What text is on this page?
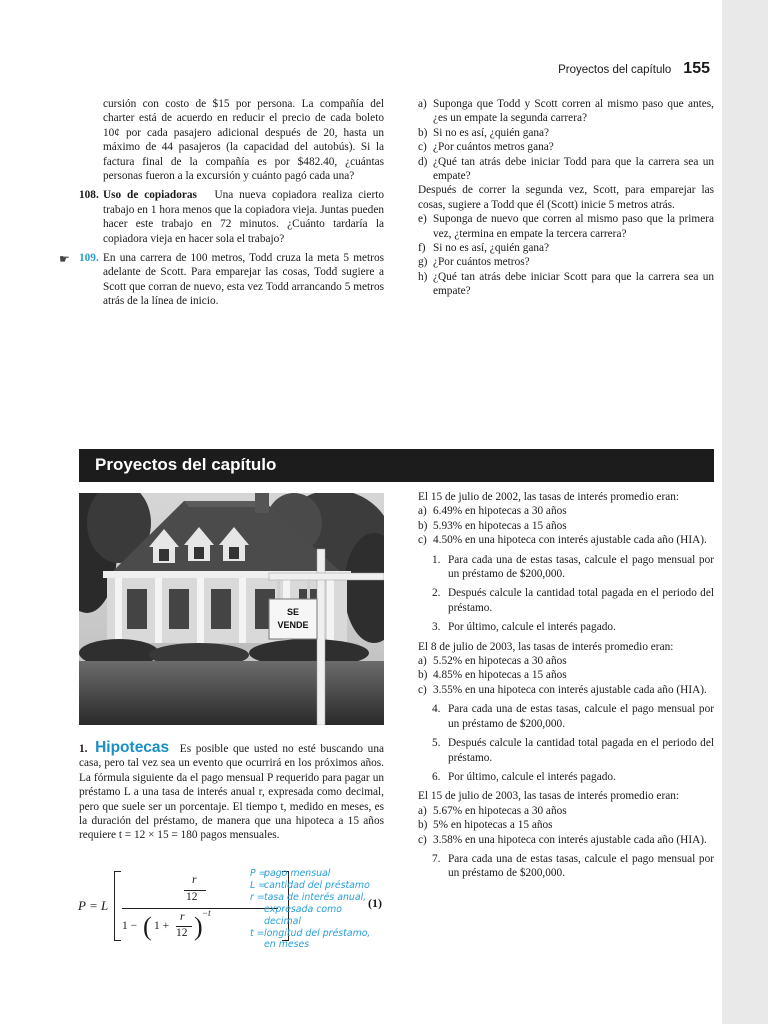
Proyectos del capítulo 155

cursión con costo de $15 por persona. La compañía del charter está de acuerdo en reducir el precio de cada boleto 10¢ por cada pasajero adicional después de 20, hasta un máximo de 44 pasajeros (la capacidad del autobús). Si la factura final de la compañía es por $482.40, ¿cuántas personas fueron a la excursión y cuánto pagó cada una?

108. Uso de copiadoras Una nueva copiadora realiza cierto trabajo en 1 hora menos que la copiadora vieja. Juntas pueden hacer este trabajo en 72 minutos. ¿Cuánto tardaría la copiadora vieja en hacer sola el trabajo?

☛ 109. En una carrera de 100 metros, Todd cruza la meta 5 metros adelante de Scott. Para emparejar las cosas, Todd sugiere a Scott que corran de nuevo, esta vez Todd arrancando 5 metros atrás de la línea de inicio.

a) Suponga que Todd y Scott corren al mismo paso que antes, ¿es un empate la segunda carrera?

b) Si no es así, ¿quién gana?

c) ¿Por cuántos metros gana?

d) ¿Qué tan atrás debe iniciar Todd para que la carrera sea un empate?

Después de correr la segunda vez, Scott, para emparejar las cosas, sugiere a Todd que él (Scott) inicie 5 metros atrás.

e) Suponga de nuevo que corren al mismo paso que la primera vez, ¿termina en empate la tercera carrera?

f) Si no es así, ¿quién gana?

g) ¿Por cuántos metros?

h) ¿Qué tan atrás debe iniciar Scott para que la carrera sea un empate?

Proyectos del capítulo
SE
VENDE

1. Hipotecas Es posible que usted no esté buscando una casa, pero tal vez sea un evento que ocurrirá en los próximos años. La fórmula siguiente da el pago mensual P requerido para pagar un préstamo L a una tasa de interés anual r, expresada como decimal, pero que suele ser un porcentaje. El tiempo t, medido en meses, es la duración del préstamo, de manera que una hipoteca a 15 años requiere t = 12 × 15 = 180 pagos mensuales.

P = L
r
12
1 − ( 1 +
r
12 ) −t
(1)
P =
pago mensual
L =
cantidad del préstamo
r = tasa de interés anual,
expresada como decimal
t = longitud del préstamo,
en meses

El 15 de julio de 2002, las tasas de interés promedio eran:

a) 6.49% en hipotecas a 30 años

b) 5.93% en hipotecas a 15 años

c) 4.50% en una hipoteca con interés ajustable cada año (HIA).

1. Para cada una de estas tasas, calcule el pago mensual por un préstamo de $200,000.

2. Después calcule la cantidad total pagada en el periodo del préstamo.

3. Por último, calcule el interés pagado.

El 8 de julio de 2003, las tasas de interés promedio eran:

a) 5.52% en hipotecas a 30 años

b) 4.85% en hipotecas a 15 años

c) 3.55% en una hipoteca con interés ajustable cada año (HIA).

4. Para cada una de estas tasas, calcule el pago mensual por un préstamo de $200,000.

5. Después calcule la cantidad total pagada en el periodo del préstamo.

6. Por último, calcule el interés pagado.

El 15 de julio de 2003, las tasas de interés promedio eran:

a) 5.67% en hipotecas a 30 años

b) 5% en hipotecas a 15 años

c) 3.58% en una hipoteca con interés ajustable cada año (HIA).

7. Para cada una de estas tasas, calcule el pago mensual por un préstamo de $200,000.
